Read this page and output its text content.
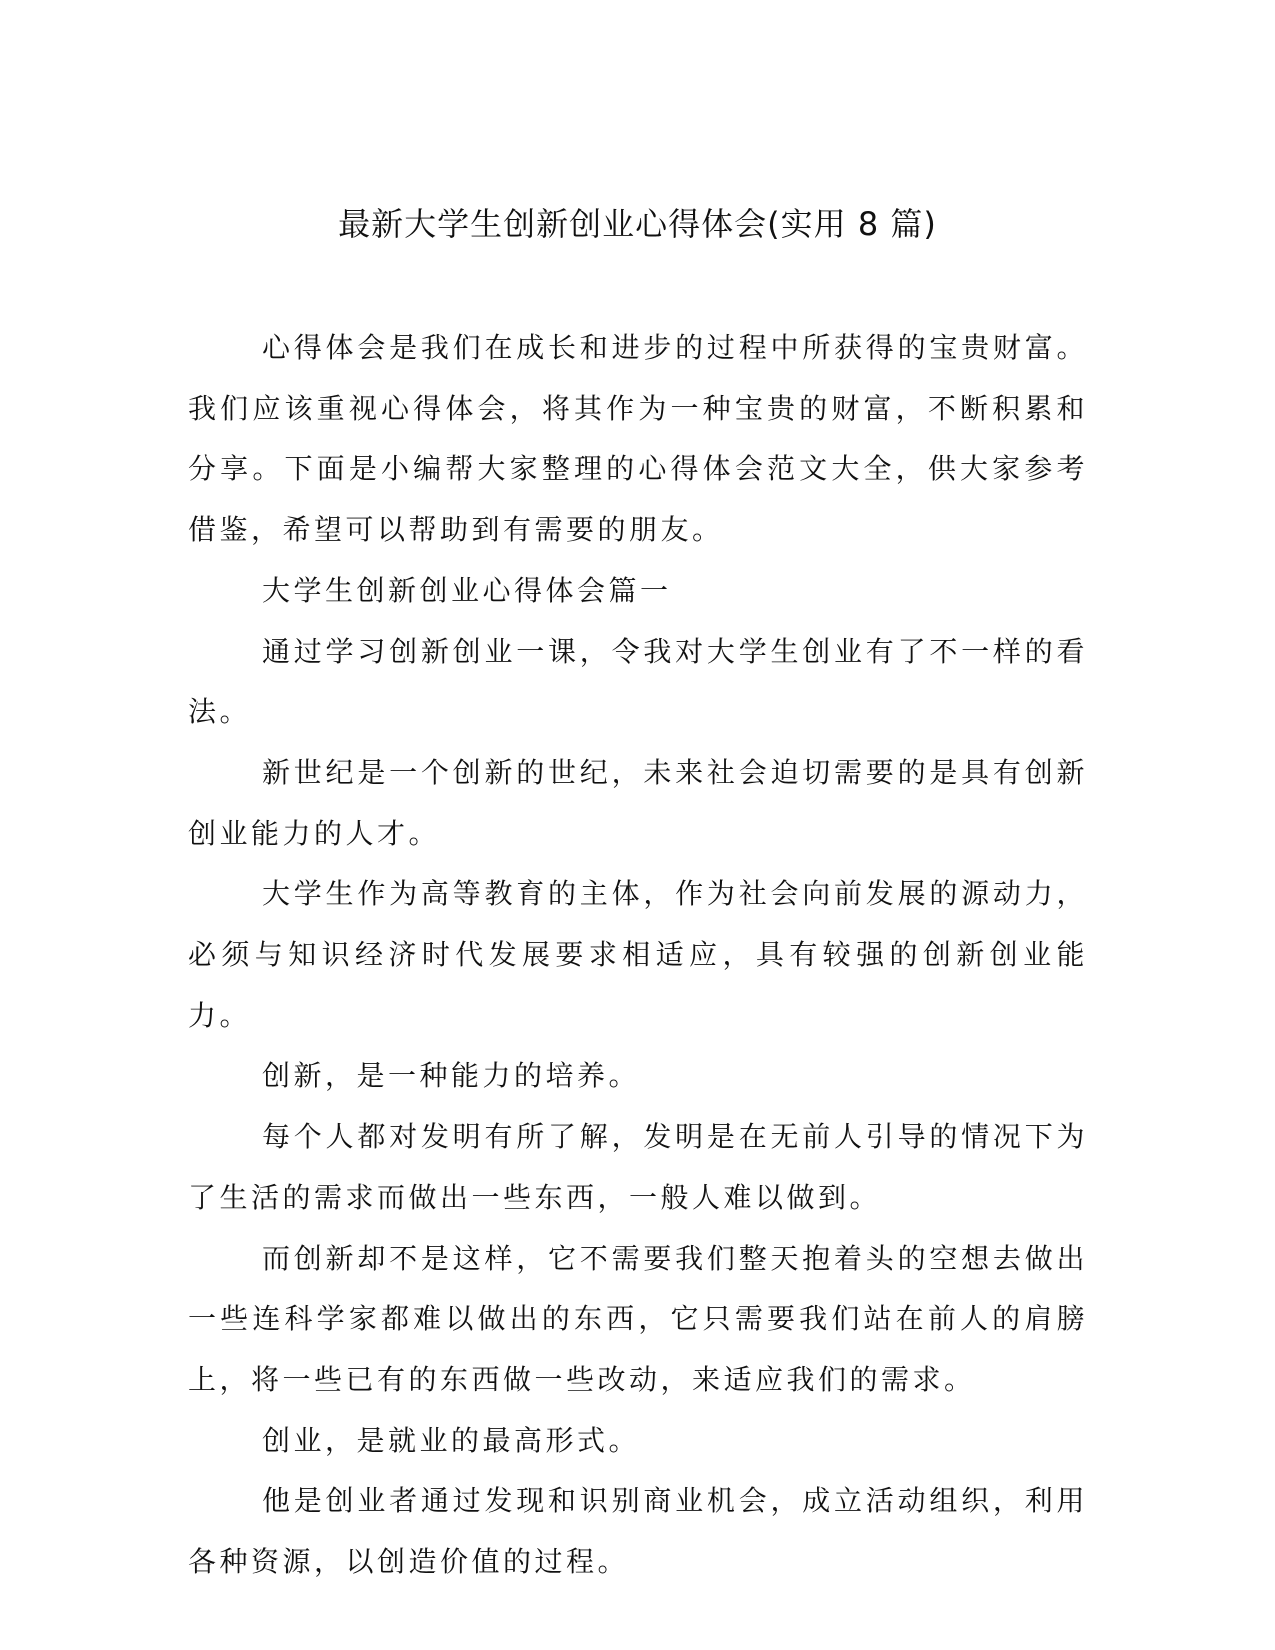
最新大学生创新创业心得体会(实用 8 篇)

心得体会是我们在成长和进步的过程中所获得的宝贵财富。我们应该重视心得体会，将其作为一种宝贵的财富，不断积累和分享。下面是小编帮大家整理的心得体会范文大全，供大家参考借鉴，希望可以帮助到有需要的朋友。

大学生创新创业心得体会篇一

通过学习创新创业一课，令我对大学生创业有了不一样的看法。

新世纪是一个创新的世纪，未来社会迫切需要的是具有创新创业能力的人才。

大学生作为高等教育的主体，作为社会向前发展的源动力，必须与知识经济时代发展要求相适应，具有较强的创新创业能力。

创新，是一种能力的培养。

每个人都对发明有所了解，发明是在无前人引导的情况下为了生活的需求而做出一些东西，一般人难以做到。

而创新却不是这样，它不需要我们整天抱着头的空想去做出一些连科学家都难以做出的东西，它只需要我们站在前人的肩膀上，将一些已有的东西做一些改动，来适应我们的需求。

创业，是就业的最高形式。

他是创业者通过发现和识别商业机会，成立活动组织，利用各种资源，以创造价值的过程。
